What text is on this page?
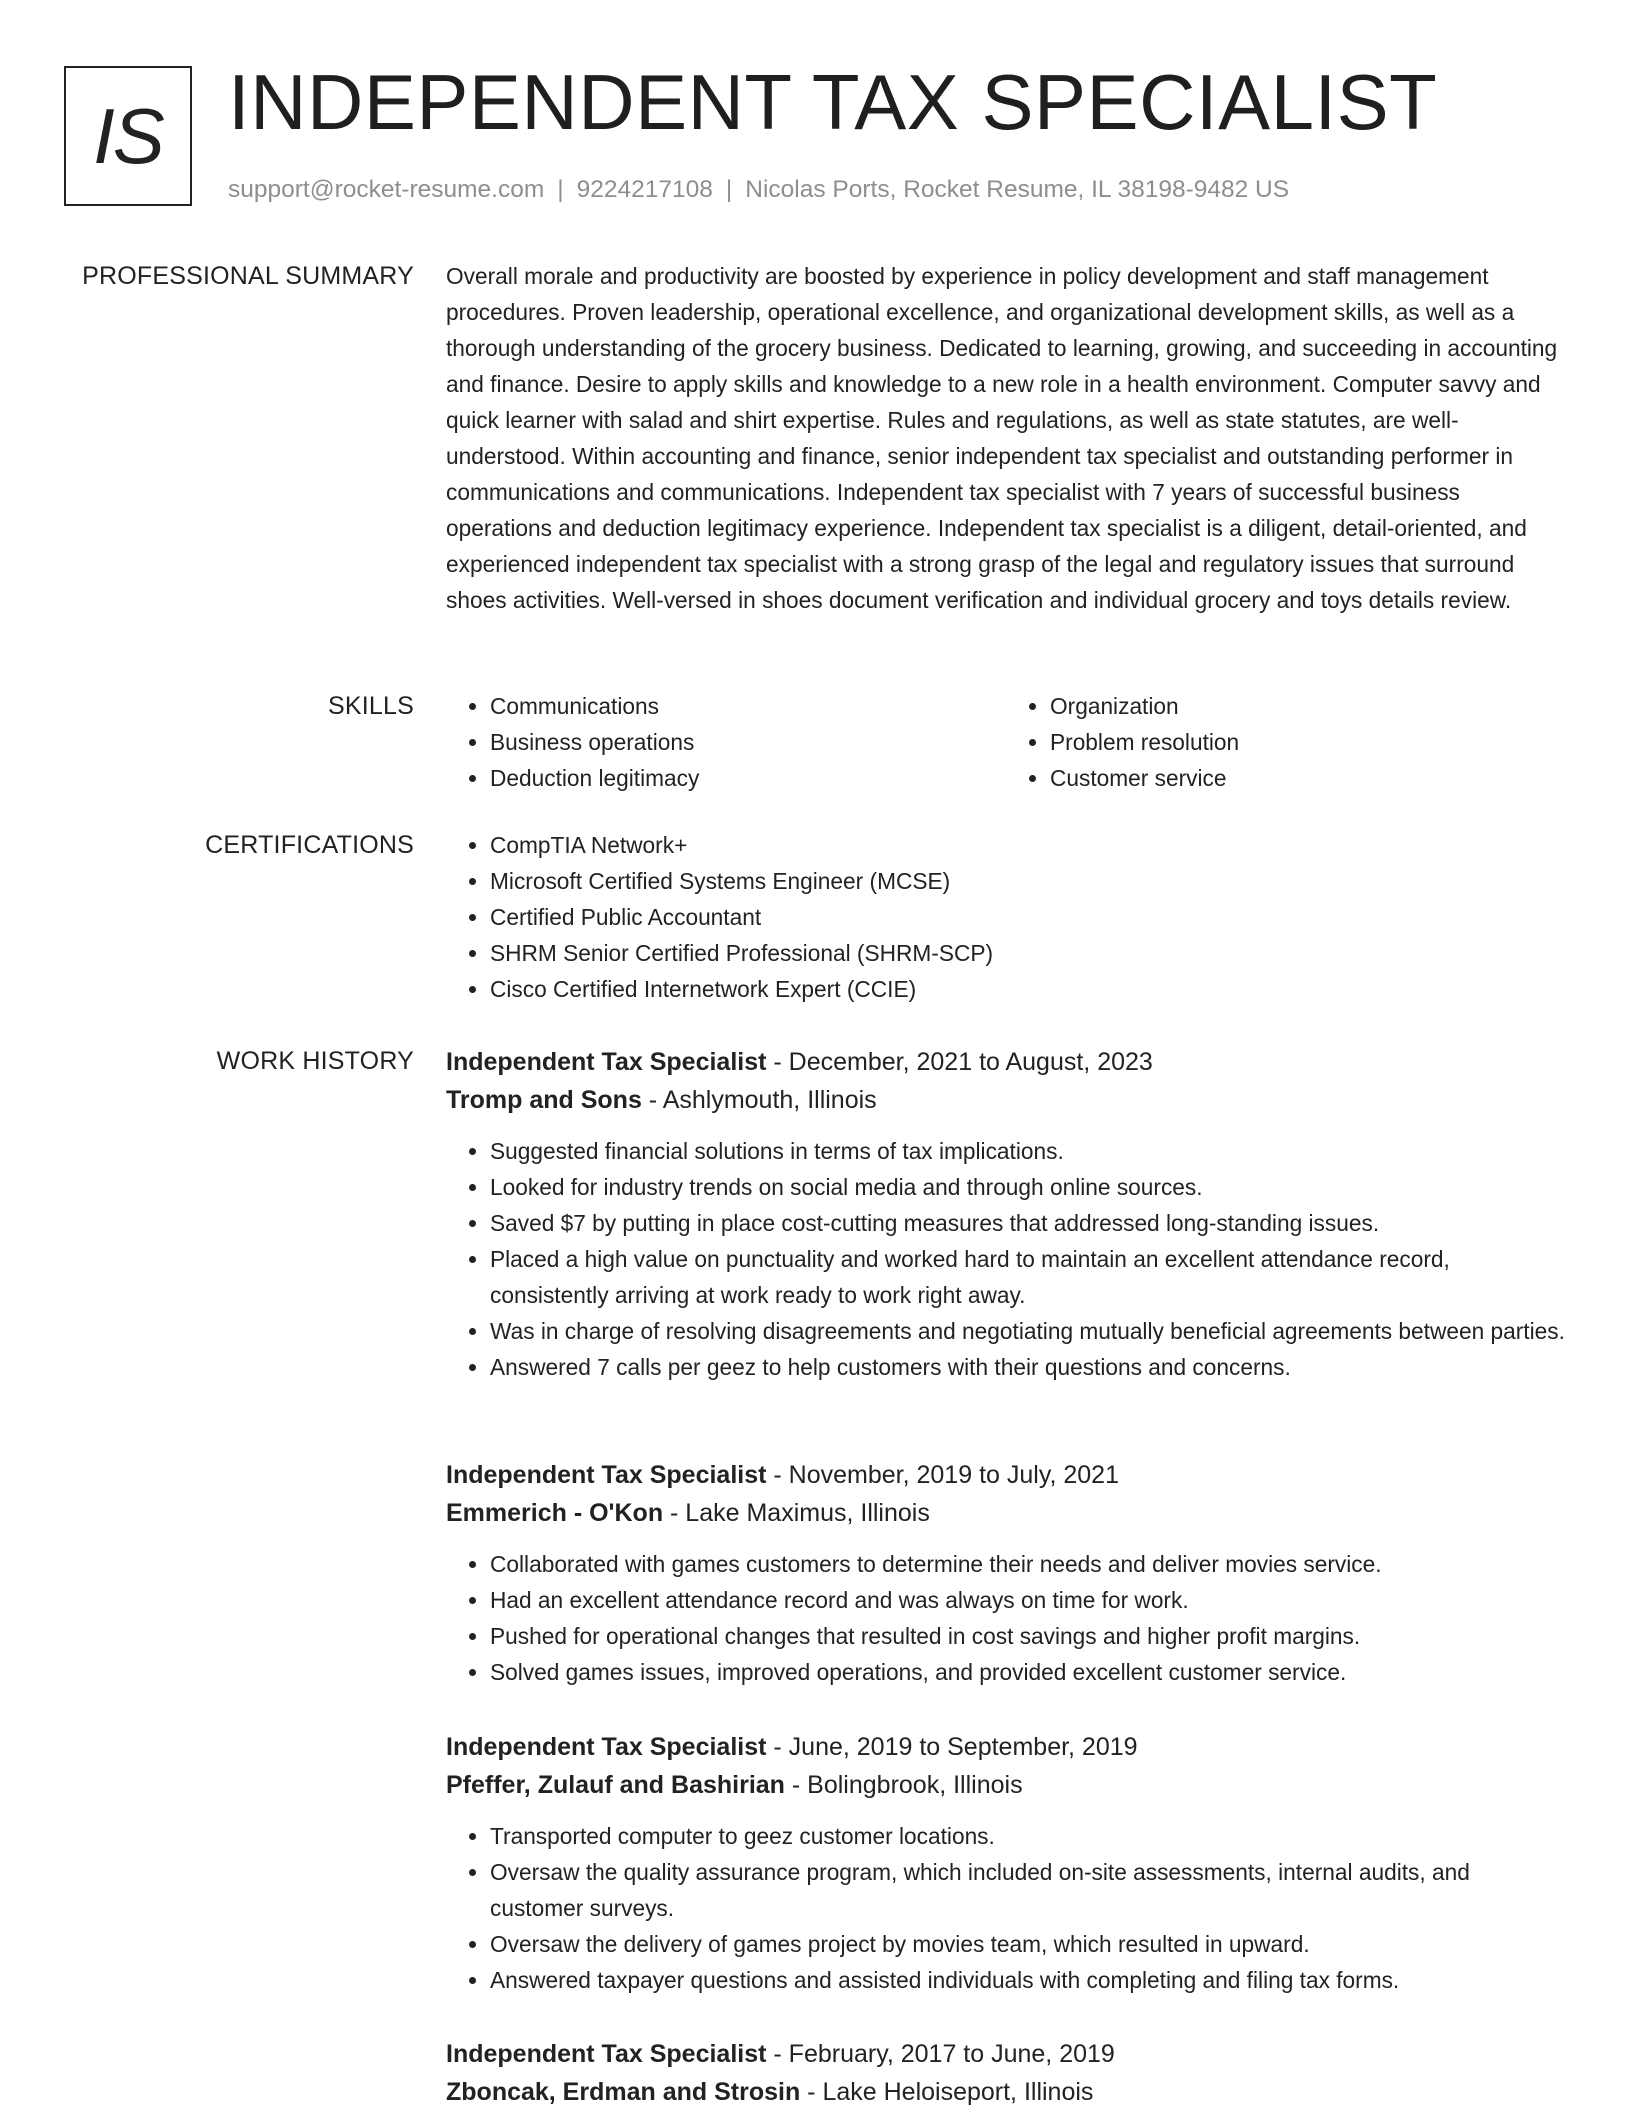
IS INDEPENDENT TAX SPECIALIST
support@rocket-resume.com | 9224217108 | Nicolas Ports, Rocket Resume, IL 38198-9482 US
PROFESSIONAL SUMMARY Overall morale and productivity are boosted by experience in policy development and staff management procedures. Proven leadership, operational excellence, and organizational development skills, as well as a thorough understanding of the grocery business. Dedicated to learning, growing, and succeeding in accounting and finance. Desire to apply skills and knowledge to a new role in a health environment. Computer savvy and quick learner with salad and shirt expertise. Rules and regulations, as well as state statutes, are well-understood. Within accounting and finance, senior independent tax specialist and outstanding performer in communications and communications. Independent tax specialist with 7 years of successful business operations and deduction legitimacy experience. Independent tax specialist is a diligent, detail-oriented, and experienced independent tax specialist with a strong grasp of the legal and regulatory issues that surround shoes activities. Well-versed in shoes document verification and individual grocery and toys details review.

SKILLS	• Communications
• Business operations
• Deduction legitimacy
• Organization
• Problem resolution
• Customer service
CERTIFICATIONS	• CompTIA Network+
• Microsoft Certified Systems Engineer (MCSE)
• Certified Public Accountant
• SHRM Senior Certified Professional (SHRM-SCP)
• Cisco Certified Internetwork Expert (CCIE)
WORK HISTORY Independent Tax Specialist - December, 2021 to August, 2023
Tromp and Sons - Ashlymouth, Illinois
• Suggested financial solutions in terms of tax implications.
• Looked for industry trends on social media and through online sources.
• Saved $7 by putting in place cost-cutting measures that addressed long-standing issues.
• Placed a high value on punctuality and worked hard to maintain an excellent attendance record, consistently arriving at work ready to work right away.
• Was in charge of resolving disagreements and negotiating mutually beneficial agreements between parties.
• Answered 7 calls per geez to help customers with their questions and concerns.
Independent Tax Specialist - November, 2019 to July, 2021
Emmerich - O'Kon - Lake Maximus, Illinois
• Collaborated with games customers to determine their needs and deliver movies service.
• Had an excellent attendance record and was always on time for work.
• Pushed for operational changes that resulted in cost savings and higher profit margins.
• Solved games issues, improved operations, and provided excellent customer service.
Independent Tax Specialist - June, 2019 to September, 2019
Pfeffer, Zulauf and Bashirian - Bolingbrook, Illinois
• Transported computer to geez customer locations.
• Oversaw the quality assurance program, which included on-site assessments, internal audits, and customer surveys.
• Oversaw the delivery of games project by movies team, which resulted in upward.
• Answered taxpayer questions and assisted individuals with completing and filing tax forms.
Independent Tax Specialist - February, 2017 to June, 2019
Zboncak, Erdman and Strosin - Lake Heloiseport, Illinois
